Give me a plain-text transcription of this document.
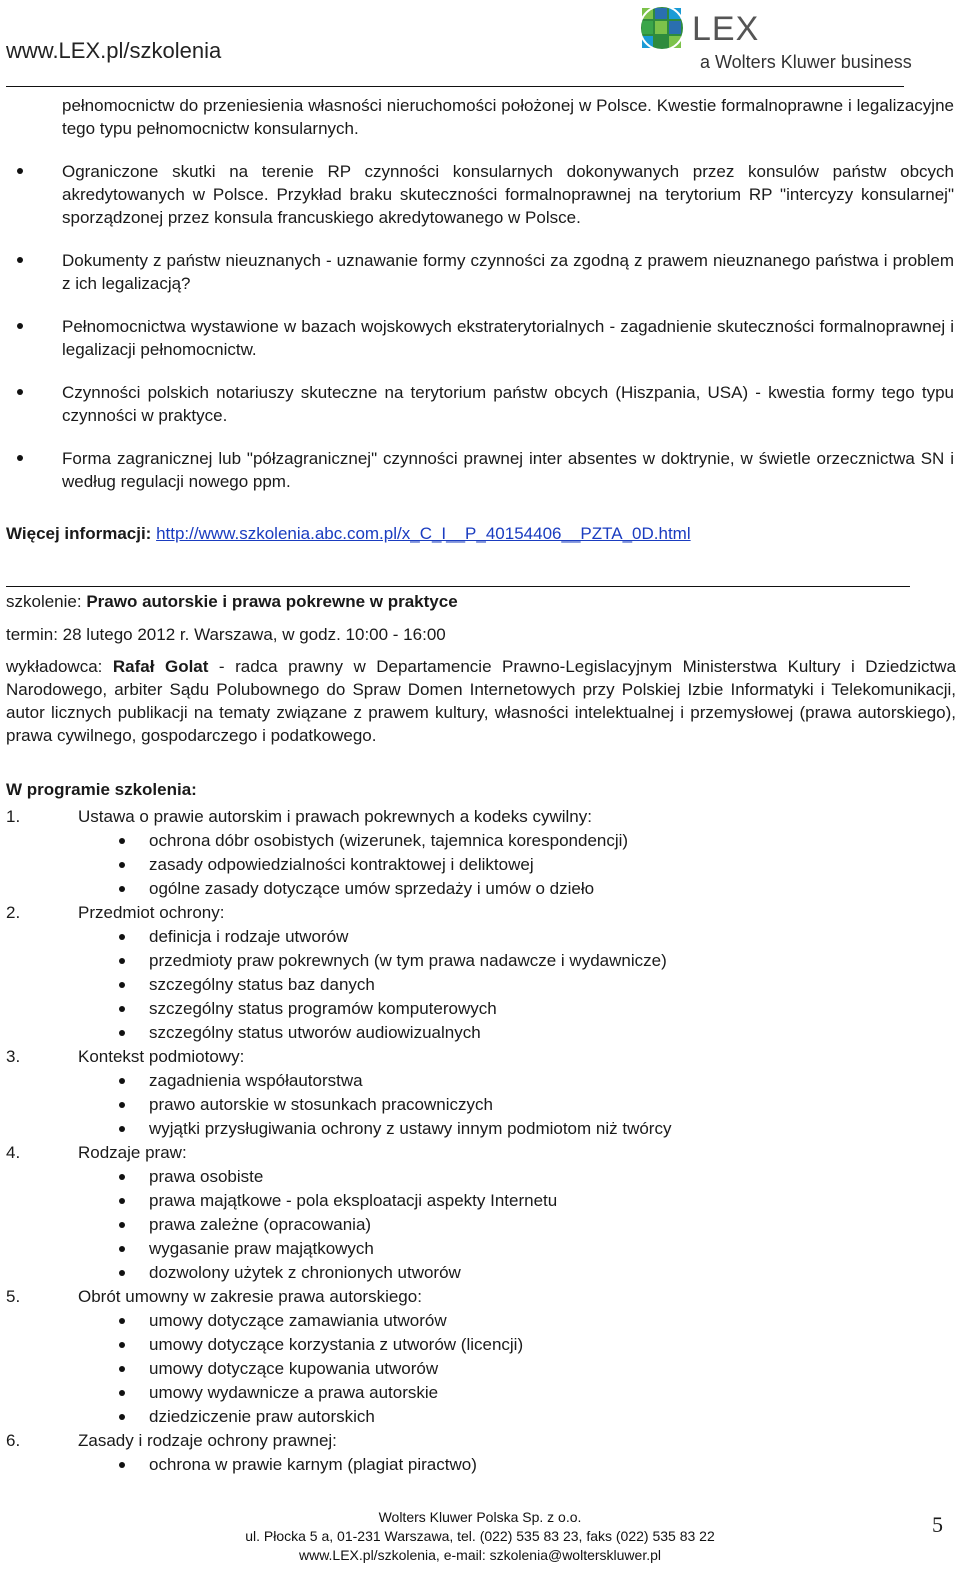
www.LEX.pl/szkolenia
LEX
a Wolters Kluwer business
pełnomocnictw do przeniesienia własności nieruchomości położonej w Polsce. Kwestie formalnoprawne i legalizacyjne tego typu pełnomocnictw konsularnych.
Ograniczone skutki na terenie RP czynności konsularnych dokonywanych przez konsulów państw obcych akredytowanych w Polsce. Przykład braku skuteczności formalnoprawnej na terytorium RP "intercyzy konsularnej" sporządzonej przez konsula francuskiego akredytowanego w Polsce.
Dokumenty z państw nieuznanych - uznawanie formy czynności za zgodną z prawem nieuznanego państwa i problem z ich legalizacją?
Pełnomocnictwa wystawione w bazach wojskowych ekstraterytorialnych - zagadnienie skuteczności formalnoprawnej i legalizacji pełnomocnictw.
Czynności polskich notariuszy skuteczne na terytorium państw obcych (Hiszpania, USA) - kwestia formy tego typu czynności w praktyce.
Forma zagranicznej lub "półzagranicznej" czynności prawnej inter absentes w doktrynie, w świetle orzecznictwa SN i według regulacji nowego ppm.
Więcej informacji: http://www.szkolenia.abc.com.pl/x_C_I__P_40154406__PZTA_0D.html
szkolenie: Prawo autorskie i prawa pokrewne w praktyce
termin: 28 lutego 2012 r. Warszawa, w godz. 10:00 - 16:00
wykładowca: Rafał Golat - radca prawny w Departamencie Prawno-Legislacyjnym Ministerstwa Kultury i Dziedzictwa Narodowego, arbiter Sądu Polubownego do Spraw Domen Internetowych przy Polskiej Izbie Informatyki i Telekomunikacji, autor licznych publikacji na tematy związane z prawem kultury, własności intelektualnej i przemysłowej (prawa autorskiego), prawa cywilnego, gospodarczego i podatkowego.
W programie szkolenia:
1.	Ustawa o prawie autorskim i prawach pokrewnych a kodeks cywilny:
ochrona dóbr osobistych (wizerunek, tajemnica korespondencji)
zasady odpowiedzialności kontraktowej i deliktowej
ogólne zasady dotyczące umów sprzedaży i umów o dzieło
2.	Przedmiot ochrony:
definicja i rodzaje utworów
przedmioty praw pokrewnych (w tym prawa nadawcze i wydawnicze)
szczególny status baz danych
szczególny status programów komputerowych
szczególny status utworów audiowizualnych
3.	Kontekst podmiotowy:
zagadnienia współautorstwa
prawo autorskie w stosunkach pracowniczych
wyjątki przysługiwania ochrony z ustawy innym podmiotom niż twórcy
4.	Rodzaje praw:
prawa osobiste
prawa majątkowe - pola eksploatacji aspekty Internetu
prawa zależne (opracowania)
wygasanie praw majątkowych
dozwolony użytek z chronionych utworów
5.	Obrót umowny w zakresie prawa autorskiego:
umowy dotyczące zamawiania utworów
umowy dotyczące korzystania z utworów (licencji)
umowy dotyczące kupowania utworów
umowy wydawnicze a prawa autorskie
dziedziczenie praw autorskich
6.	Zasady i rodzaje ochrony prawnej:
ochrona w prawie karnym (plagiat piractwo)
Wolters Kluwer Polska Sp. z o.o.
ul. Płocka 5 a, 01-231 Warszawa, tel. (022) 535 83 23, faks (022) 535 83 22
www.LEX.pl/szkolenia, e-mail: szkolenia@wolterskluwer.pl
5
